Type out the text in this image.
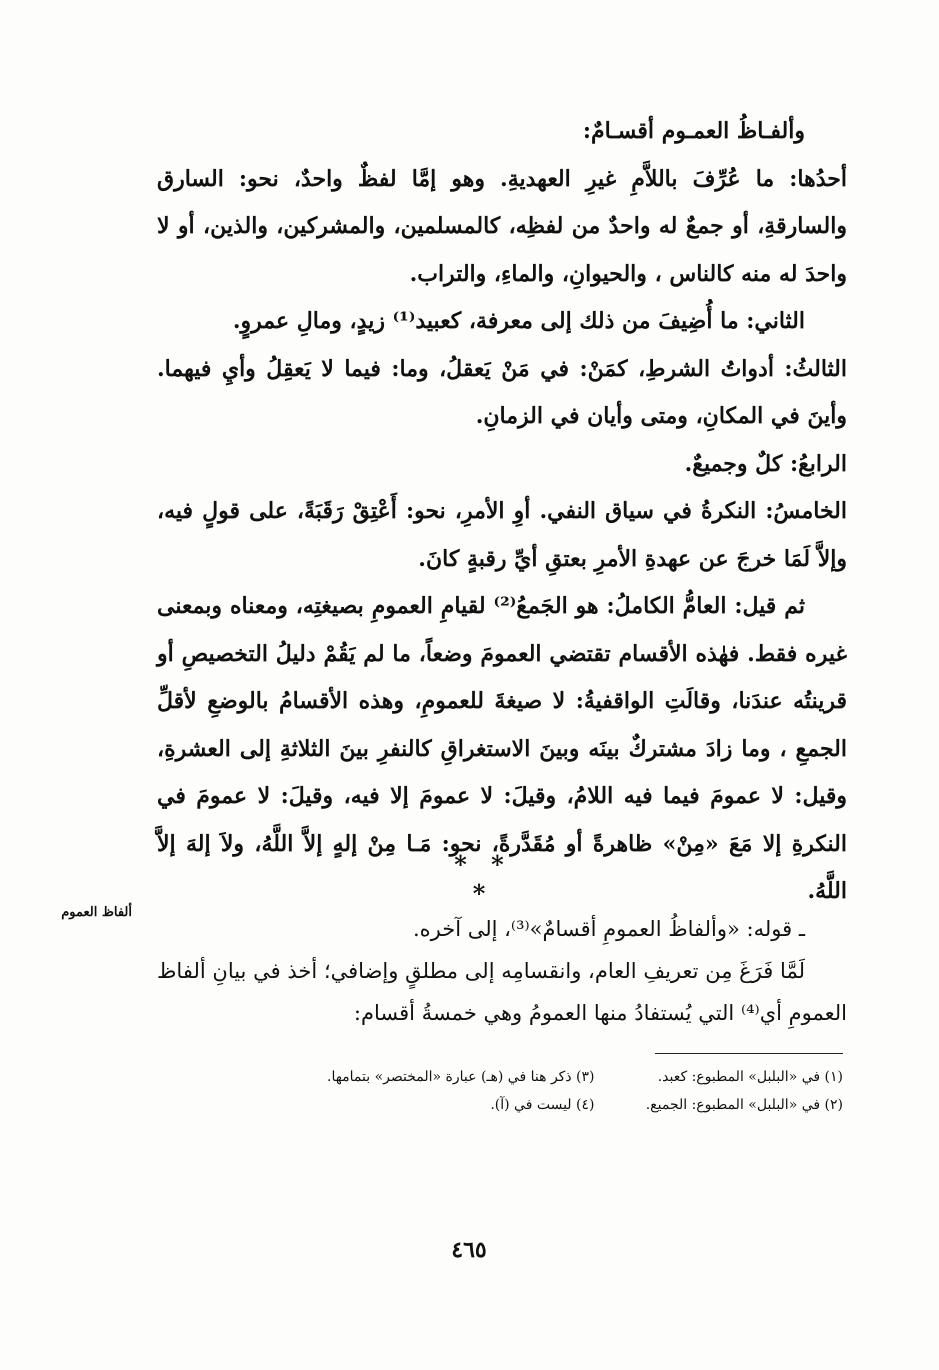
وألفـاظُ العمـوم أقسـامٌ:

أحدُها: ما عُرِّفَ باللاَّمِ غيرِ العهديةِ. وهو إمَّا لفظٌ واحدٌ، نحو: السارق والسارقةِ، أو جمعٌ له واحدٌ من لفظِه، كالمسلمين، والمشركين، والذين، أو لا واحدَ له منه كالناس ، والحيوانِ، والماءِ، والتراب.

الثاني: ما أُضِيفَ من ذلك إلى معرفة، كعبيد⁽¹⁾ زيدٍ، ومالِ عمروٍ.

الثالثُ: أدواتُ الشرطِ، كمَنْ: في مَنْ يَعقلُ، وما: فيما لا يَعقِلُ وأيِ فيهما. وأينَ في المكانِ، ومتى وأيان في الزمانِ.

الرابعُ: كلٌ وجميعٌ.

الخامسُ: النكرةُ في سياق النفي. أوِ الأمرِ، نحو: أَعْتِقْ رَقَبَةً، على قولٍ فيه، وإلاَّ لَمَا خرجَ عن عهدةِ الأمرِ بعتقِ أيِّ رقبةٍ كانَ.

ثم قيل: العامُّ الكاملُ: هو الجَمعُ⁽²⁾ لقيامِ العمومِ بصيغتِه، ومعناه وبمعنى غيره فقط. فهٰذه الأقسام تقتضي العمومَ وضعاً، ما لم يَقُمْ دليلُ التخصيصِ أو قرينتُه عندَنا، وقالَتِ الواقفيةُ: لا صيغةَ للعمومِ، وهذه الأقسامُ بالوضعِ لأقلِّ الجمعِ ، وما زادَ مشتركٌ بينَه وبينَ الاستغراقِ كالنفرِ بينَ الثلاثةِ إلى العشرةِ، وقيل: لا عمومَ فيما فيه اللامُ، وقيلَ: لا عمومَ إلا فيه، وقيلَ: لا عمومَ في النكرةِ إلا مَعَ «مِنْ» ظاهرةً أو مُقَدَّرةً، نحو: مَـا مِنْ إلهٍ إلاَّ اللَّهُ، ولاَ إلهَ إلاَّ اللَّهُ.

* * *
ألفاظ العموم

ـ قوله: «وألفاظُ العمومِ أقسامٌ»⁽³⁾، إلى آخره.

لَمَّا فَرَغَ مِن تعريفِ العام، وانقسامِه إلى مطلقٍ وإضافي؛ أخذ في بيانِ ألفاظ العمومِ أي⁽⁴⁾ التي يُستفادُ منها العمومُ وهي خمسةُ أقسام:

(١) في «البلبل» المطبوع: كعبد.
(٣) ذكر هنا في (هـ) عبارة «المختصر» بتمامها.
(٢) في «البلبل» المطبوع: الجميع.
(٤) ليست في (آ).
٤٦٥
